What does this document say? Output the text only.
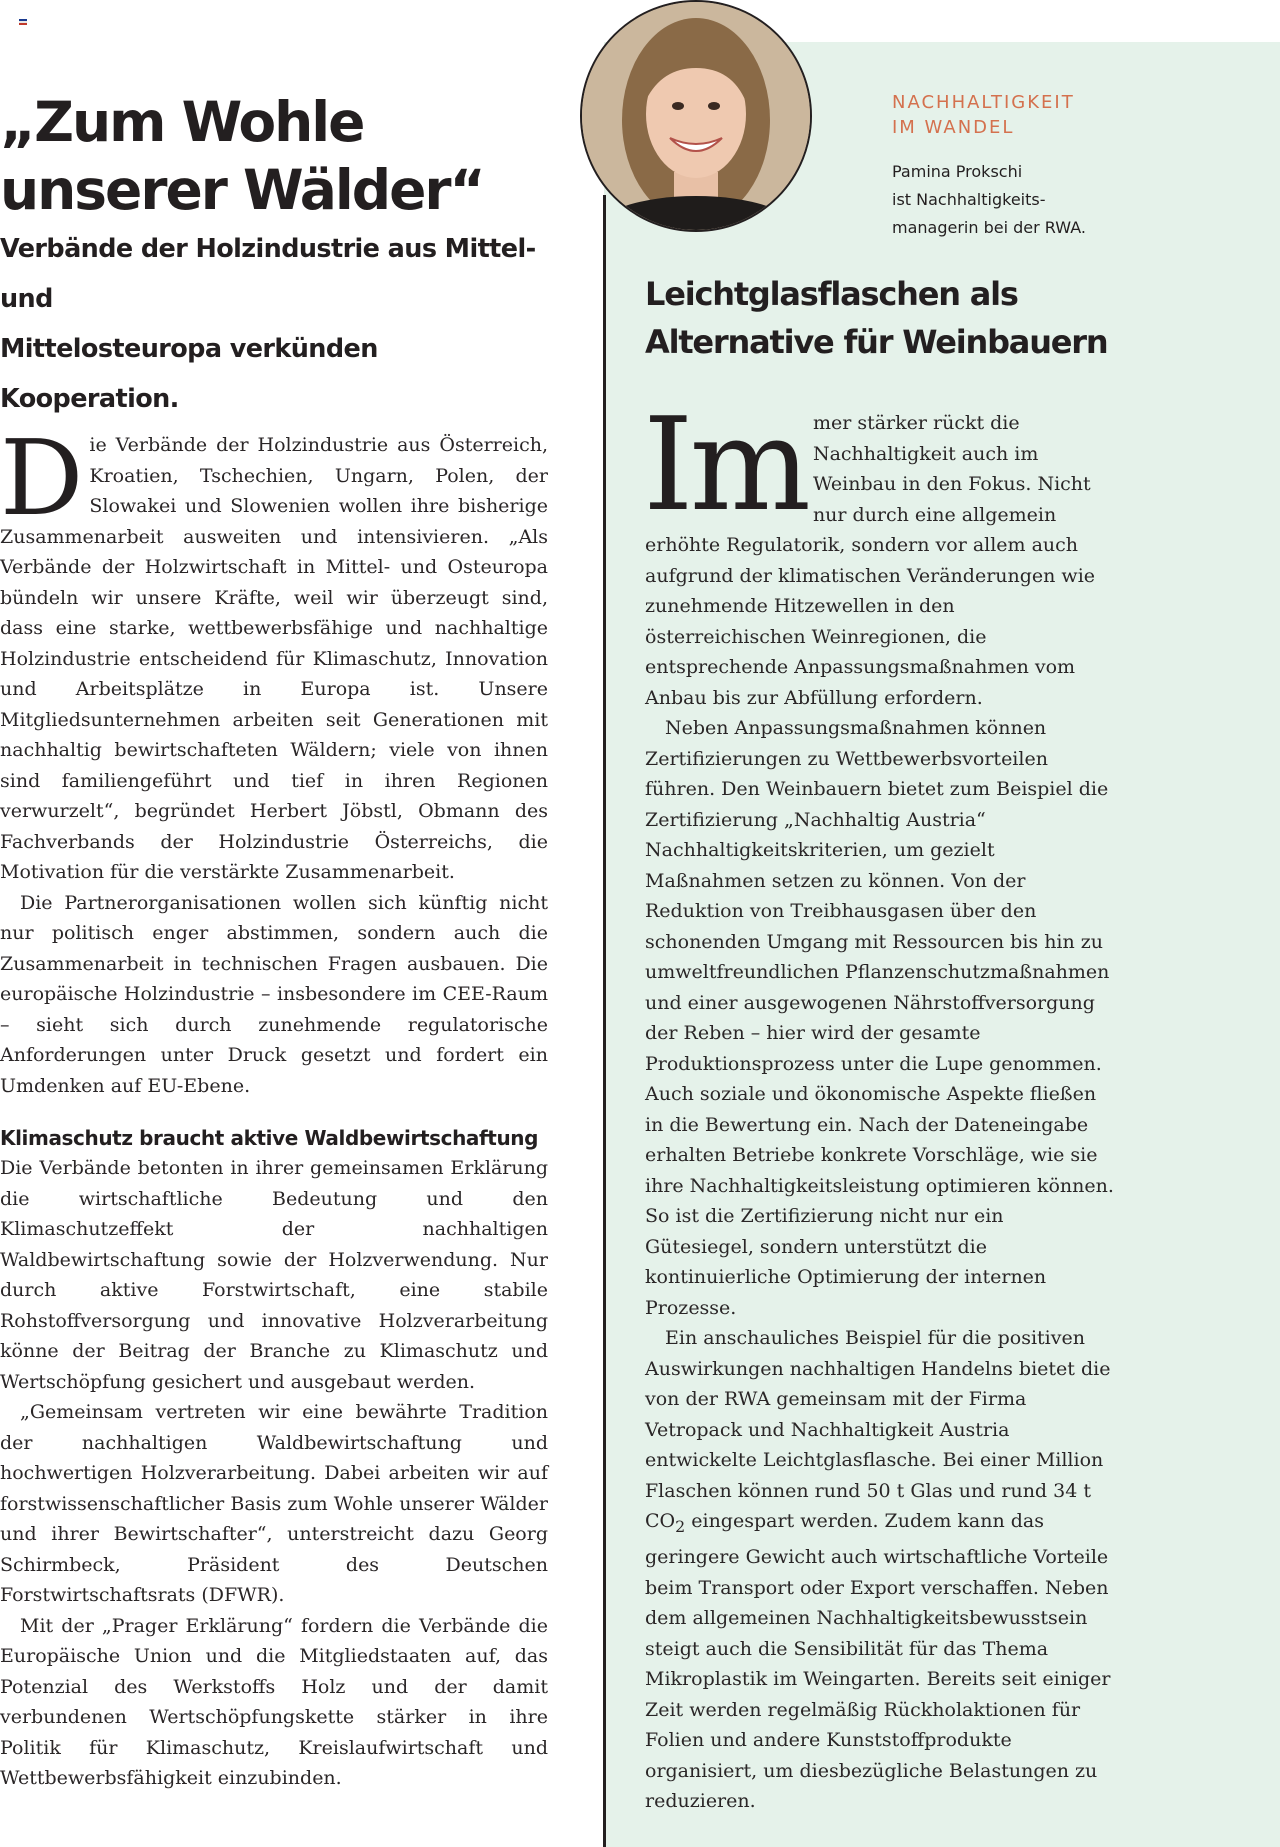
„Zum Wohle
unserer Wälder“

Verbände der Holzindustrie aus Mittel- und
Mittelosteuropa verkünden Kooperation.

Die Verbände der Holzindustrie aus Österreich, Kroatien, Tschechien, Ungarn, Polen, der Slowakei und Slowenien wollen ihre bisherige Zusammenarbeit ausweiten und intensivieren. „Als Verbände der Holzwirtschaft in Mittel- und Osteuropa bündeln wir unsere Kräfte, weil wir überzeugt sind, dass eine starke, wettbewerbsfähige und nachhaltige Holzindustrie entscheidend für Klimaschutz, Innovation und Arbeitsplätze in Europa ist. Unsere Mitgliedsunternehmen arbeiten seit Generationen mit nachhaltig bewirtschafteten Wäldern; viele von ihnen sind familiengeführt und tief in ihren Regionen verwurzelt“, begründet Herbert Jöbstl, Obmann des Fachverbands der Holzindustrie Österreichs, die Motivation für die verstärkte Zusammenarbeit.

Die Partnerorganisationen wollen sich künftig nicht nur politisch enger abstimmen, sondern auch die Zusammenarbeit in technischen Fragen ausbauen. Die europäische Holzindustrie – insbesondere im CEE-Raum – sieht sich durch zunehmende regulatorische Anforderungen unter Druck gesetzt und fordert ein Umdenken auf EU-Ebene.

Klimaschutz braucht aktive Waldbewirtschaftung

Die Verbände betonten in ihrer gemeinsamen Erklärung die wirtschaftliche Bedeutung und den Klimaschutzeffekt der nachhaltigen Waldbewirtschaftung sowie der Holzverwendung. Nur durch aktive Forstwirtschaft, eine stabile Rohstoffversorgung und innovative Holzverarbeitung könne der Beitrag der Branche zu Klimaschutz und Wertschöpfung gesichert und ausgebaut werden.

„Gemeinsam vertreten wir eine bewährte Tradition der nachhaltigen Waldbewirtschaftung und hochwertigen Holzverarbeitung. Dabei arbeiten wir auf forstwissenschaftlicher Basis zum Wohle unserer Wälder und ihrer Bewirtschafter“, unterstreicht dazu Georg Schirmbeck, Präsident des Deutschen Forstwirtschaftsrats (DFWR).

Mit der „Prager Erklärung“ fordern die Verbände die Europäische Union und die Mitgliedstaaten auf, das Potenzial des Werkstoffs Holz und der damit verbundenen Wertschöpfungskette stärker in ihre Politik für Klimaschutz, Kreislaufwirtschaft und Wettbewerbsfähigkeit einzubinden.

NACHHALTIGKEIT
IM WANDEL
Pamina Prokschi
ist Nachhaltigkeits-
managerin bei der RWA.
Leichtglasflaschen als
Alternative für Weinbauern

Im mer stärker rückt die Nachhaltigkeit auch im Weinbau in den Fokus. Nicht nur durch eine allgemein erhöhte Regulatorik, sondern vor allem auch aufgrund der klimatischen Veränderungen wie zunehmende Hitzewellen in den österreichischen Weinregionen, die entsprechende Anpassungsmaßnahmen vom Anbau bis zur Abfüllung erfordern.

Neben Anpassungsmaßnahmen können Zertifizierungen zu Wettbewerbsvorteilen führen. Den Weinbauern bietet zum Beispiel die Zertifizierung „Nachhaltig Austria“ Nachhaltigkeitskriterien, um gezielt Maßnahmen setzen zu können. Von der Reduktion von Treibhausgasen über den schonenden Umgang mit Ressourcen bis hin zu umweltfreundlichen Pflanzenschutzmaßnahmen und einer ausgewogenen Nährstoffversorgung der Reben – hier wird der gesamte Produktionsprozess unter die Lupe genommen. Auch soziale und ökonomische Aspekte fließen in die Bewertung ein. Nach der Dateneingabe erhalten Betriebe konkrete Vorschläge, wie sie ihre Nachhaltigkeitsleistung optimieren können. So ist die Zertifizierung nicht nur ein Gütesiegel, sondern unterstützt die kontinuierliche Optimierung der internen Prozesse.

Ein anschauliches Beispiel für die positiven Auswirkungen nachhaltigen Handelns bietet die von der RWA gemeinsam mit der Firma Vetropack und Nachhaltigkeit Austria entwickelte Leichtglasflasche. Bei einer Million Flaschen können rund 50 t Glas und rund 34 t $CO_2$ eingespart werden. Zudem kann das geringere Gewicht auch wirtschaftliche Vorteile beim Transport oder Export verschaffen. Neben dem allgemeinen Nachhaltigkeitsbewusstsein steigt auch die Sensibilität für das Thema Mikroplastik im Weingarten. Bereits seit einiger Zeit werden regelmäßig Rückholaktionen für Folien und andere Kunststoffprodukte organisiert, um diesbezügliche Belastungen zu reduzieren.
